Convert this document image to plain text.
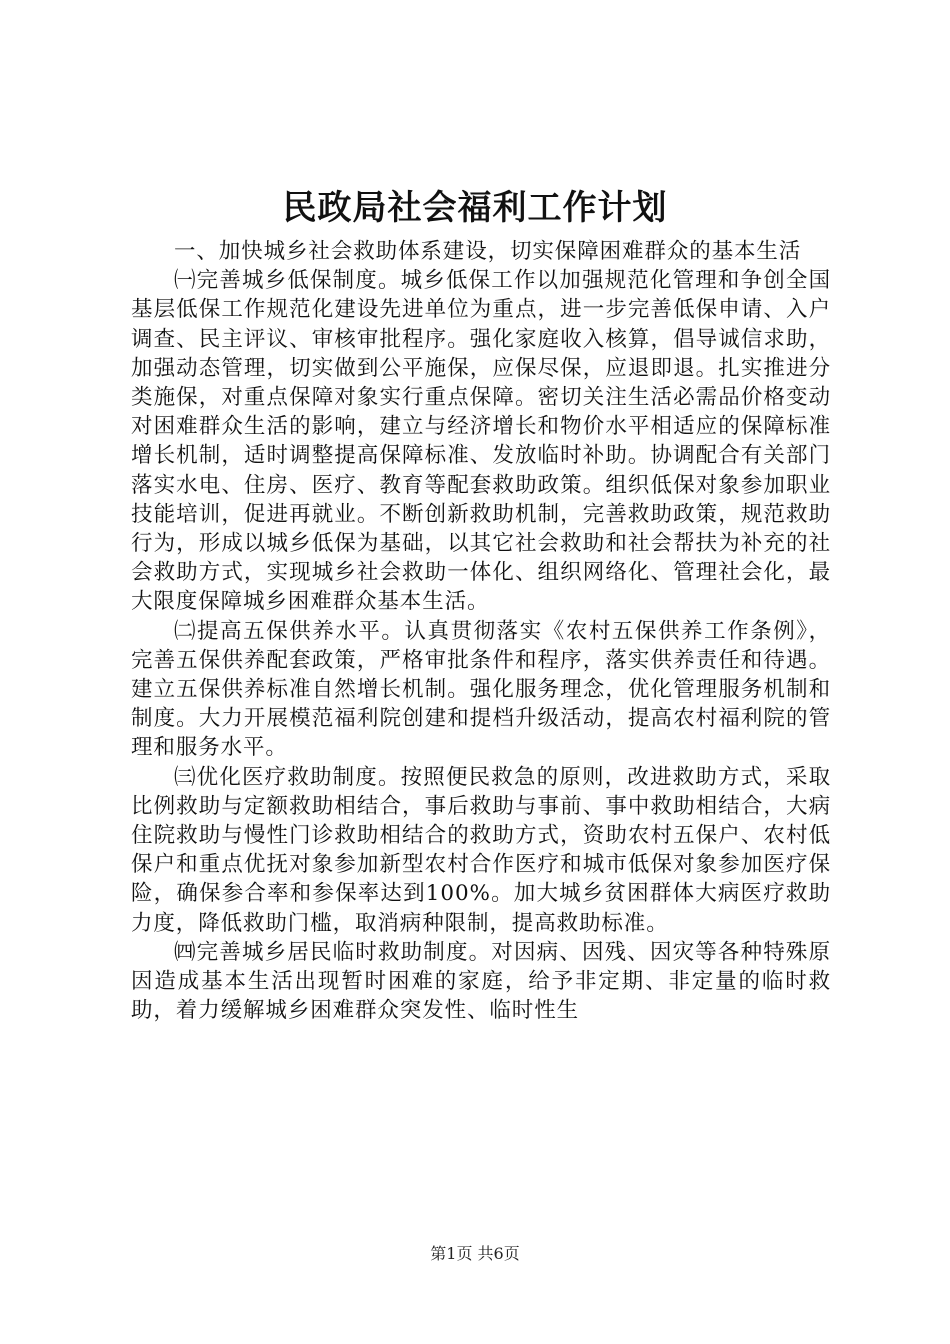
民政局社会福利工作计划

一、加快城乡社会救助体系建设，切实保障困难群众的基本生活

㈠完善城乡低保制度。城乡低保工作以加强规范化管理和争创全国基层低保工作规范化建设先进单位为重点，进一步完善低保申请、入户调查、民主评议、审核审批程序。强化家庭收入核算，倡导诚信求助，加强动态管理，切实做到公平施保，应保尽保，应退即退。扎实推进分类施保，对重点保障对象实行重点保障。密切关注生活必需品价格变动对困难群众生活的影响，建立与经济增长和物价水平相适应的保障标准增长机制，适时调整提高保障标准、发放临时补助。协调配合有关部门落实水电、住房、医疗、教育等配套救助政策。组织低保对象参加职业技能培训，促进再就业。不断创新救助机制，完善救助政策，规范救助行为，形成以城乡低保为基础，以其它社会救助和社会帮扶为补充的社会救助方式，实现城乡社会救助一体化、组织网络化、管理社会化，最大限度保障城乡困难群众基本生活。

㈡提高五保供养水平。认真贯彻落实《农村五保供养工作条例》，完善五保供养配套政策，严格审批条件和程序，落实供养责任和待遇。建立五保供养标准自然增长机制。强化服务理念，优化管理服务机制和制度。大力开展模范福利院创建和提档升级活动，提高农村福利院的管理和服务水平。

㈢优化医疗救助制度。按照便民救急的原则，改进救助方式，采取比例救助与定额救助相结合，事后救助与事前、事中救助相结合，大病住院救助与慢性门诊救助相结合的救助方式，资助农村五保户、农村低保户和重点优抚对象参加新型农村合作医疗和城市低保对象参加医疗保险，确保参合率和参保率达到100%。加大城乡贫困群体大病医疗救助力度，降低救助门槛，取消病种限制，提高救助标准。

㈣完善城乡居民临时救助制度。对因病、因残、因灾等各种特殊原因造成基本生活出现暂时困难的家庭，给予非定期、非定量的临时救助，着力缓解城乡困难群众突发性、临时性生

第1页 共6页
